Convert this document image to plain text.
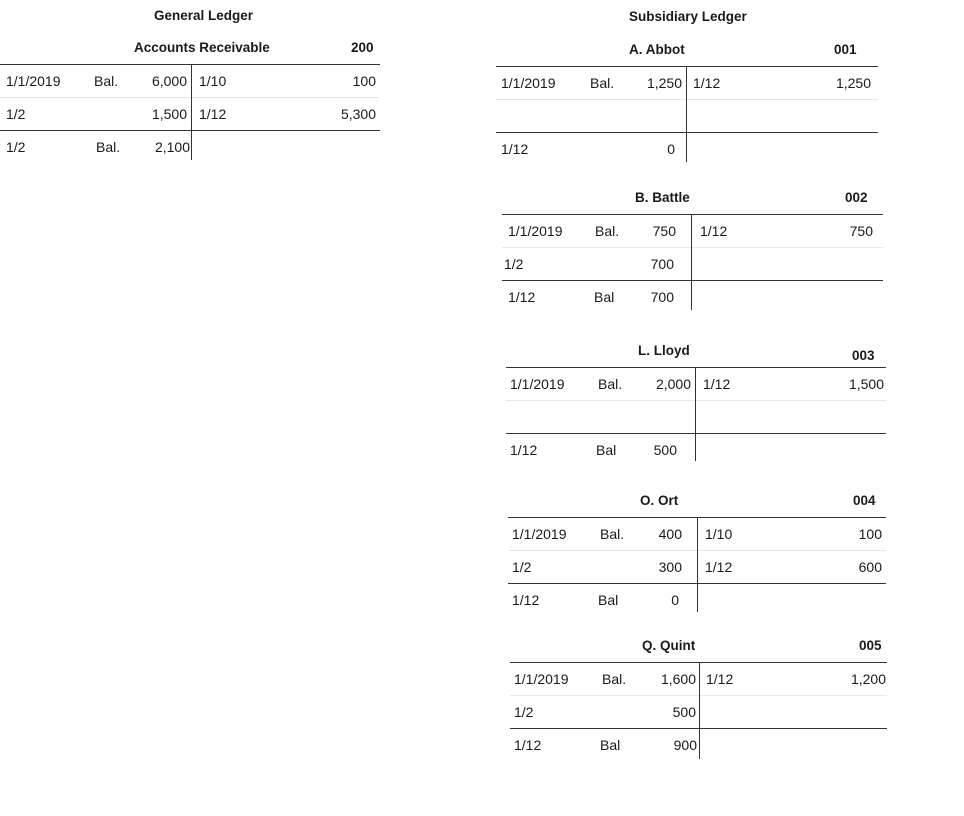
General Ledger
Accounts Receivable	200
1/1/2019 Bal.	6,000 1/10	100
1/2	1,500 1/12	5,300
1/2	Bal.	2,100
Subsidiary Ledger
A. Abbot	001
1/1/2019 Bal.	1,250 1/12	1,250
1/12	0
B. Battle	002
1/1/2019 Bal.	750 1/12	750
1/2	700
1/12	Bal	700
L. Lloyd	003
1/1/2019 Bal.	2,000 1/12	1,500
1/12	Bal	500
O. Ort	004
1/1/2019 Bal.	400 1/10	100
1/2	300 1/12	600
1/12	Bal	0
Q. Quint	005
1/1/2019 Bal.	1,600 1/12	1,200
1/2	500
1/12	Bal	900
